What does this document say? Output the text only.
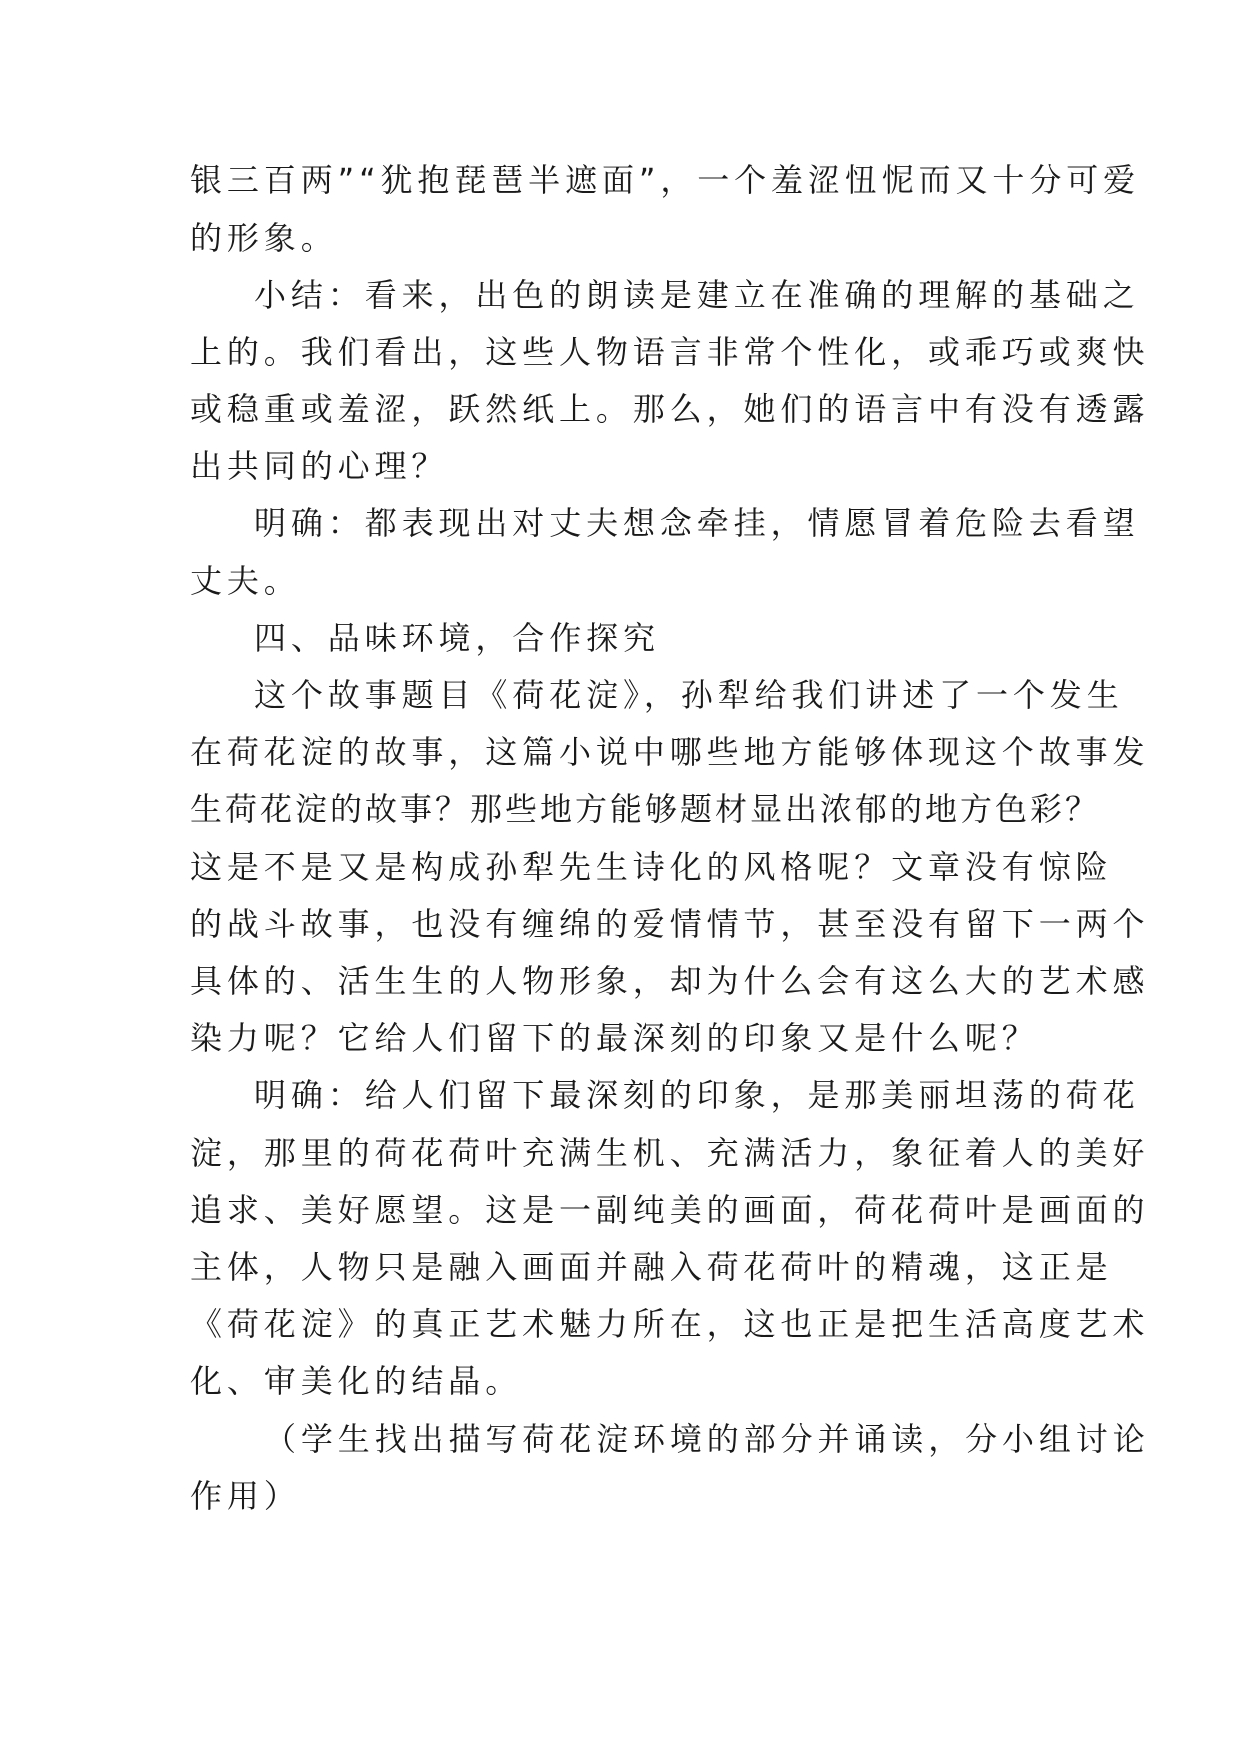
银三百两”“犹抱琵琶半遮面”，一个羞涩忸怩而又十分可爱
的形象。
小结：看来，出色的朗读是建立在准确的理解的基础之
上的。我们看出，这些人物语言非常个性化，或乖巧或爽快
或稳重或羞涩，跃然纸上。那么，她们的语言中有没有透露
出共同的心理？
明确：都表现出对丈夫想念牵挂，情愿冒着危险去看望
丈夫。
四、品味环境，合作探究
这个故事题目《荷花淀》，孙犁给我们讲述了一个发生
在荷花淀的故事，这篇小说中哪些地方能够体现这个故事发
生荷花淀的故事？那些地方能够题材显出浓郁的地方色彩？
这是不是又是构成孙犁先生诗化的风格呢？文章没有惊险
的战斗故事，也没有缠绵的爱情情节，甚至没有留下一两个
具体的、活生生的人物形象，却为什么会有这么大的艺术感
染力呢？它给人们留下的最深刻的印象又是什么呢？
明确：给人们留下最深刻的印象，是那美丽坦荡的荷花
淀，那里的荷花荷叶充满生机、充满活力，象征着人的美好
追求、美好愿望。这是一副纯美的画面，荷花荷叶是画面的
主体，人物只是融入画面并融入荷花荷叶的精魂，这正是
《荷花淀》的真正艺术魅力所在，这也正是把生活高度艺术
化、审美化的结晶。
（学生找出描写荷花淀环境的部分并诵读，分小组讨论
作用）
